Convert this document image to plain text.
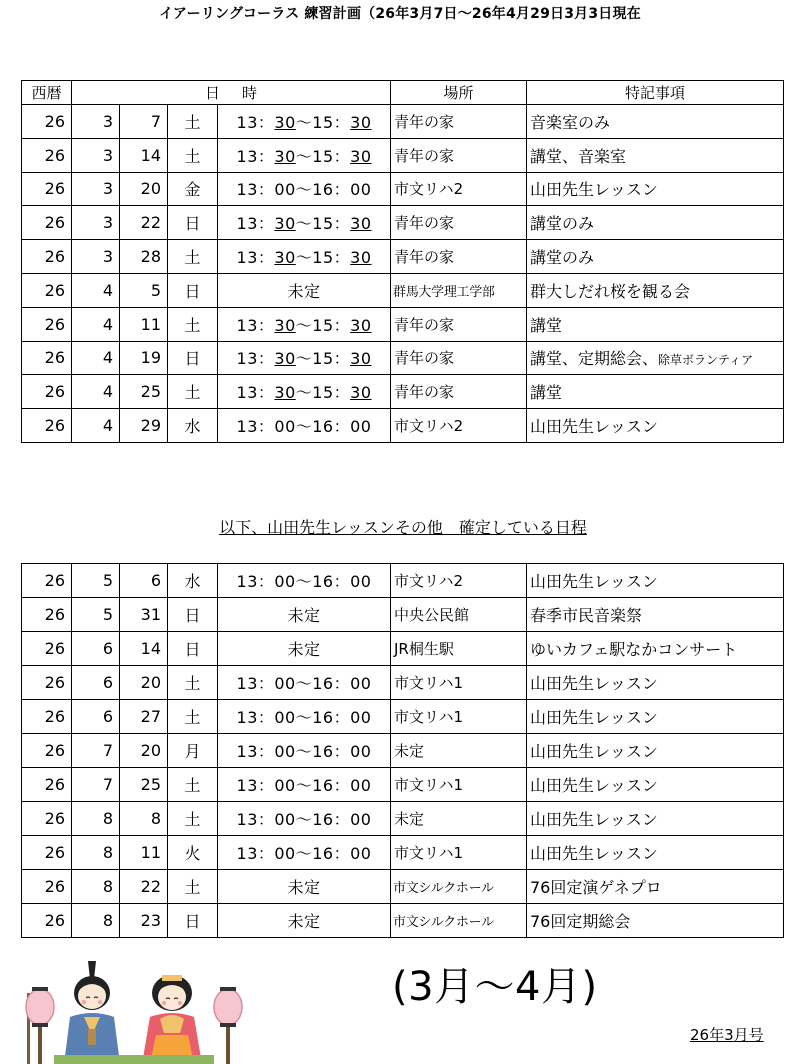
イアーリングコーラス 練習計画（26年3月7日～26年4月29日3月3日現在
西暦	日時				場所	特記事項
26	3	7	土	13：30～15：30	青年の家	音楽室のみ
26	3	14	土	13：30～15：30	青年の家	講堂、音楽室
26	3	20	金	13：00～16：00	市文リハ2	山田先生レッスン
26	3	22	日	13：30～15：30	青年の家	講堂のみ
26	3	28	土	13：30～15：30	青年の家	講堂のみ
26	4	5	日	未定	群馬大学理工学部	群大しだれ桜を観る会
26	4	11	土	13：30～15：30	青年の家	講堂
26	4	19	日	13：30～15：30	青年の家	講堂、定期総会、除草ボランティア
26	4	25	土	13：30～15：30	青年の家	講堂
26	4	29	水	13：00～16：00	市文リハ2	山田先生レッスン
以下、山田先生レッスンその他　確定している日程
26	5	6	水	13：00～16：00	市文リハ2	山田先生レッスン
26	5	31	日	未定	中央公民館	春季市民音楽祭
26	6	14	日	未定	JR桐生駅	ゆいカフェ駅なかコンサート
26	6	20	土	13：00～16：00	市文リハ1	山田先生レッスン
26	6	27	土	13：00～16：00	市文リハ1	山田先生レッスン
26	7	20	月	13：00～16：00	未定	山田先生レッスン
26	7	25	土	13：00～16：00	市文リハ1	山田先生レッスン
26	8	8	土	13：00～16：00	未定	山田先生レッスン
26	8	11	火	13：00～16：00	市文リハ1	山田先生レッスン
26	8	22	土	未定	市文シルクホール	76回定演ゲネプロ
26	8	23	日	未定	市文シルクホール	76回定期総会
(3月～4月)
26年3月号
